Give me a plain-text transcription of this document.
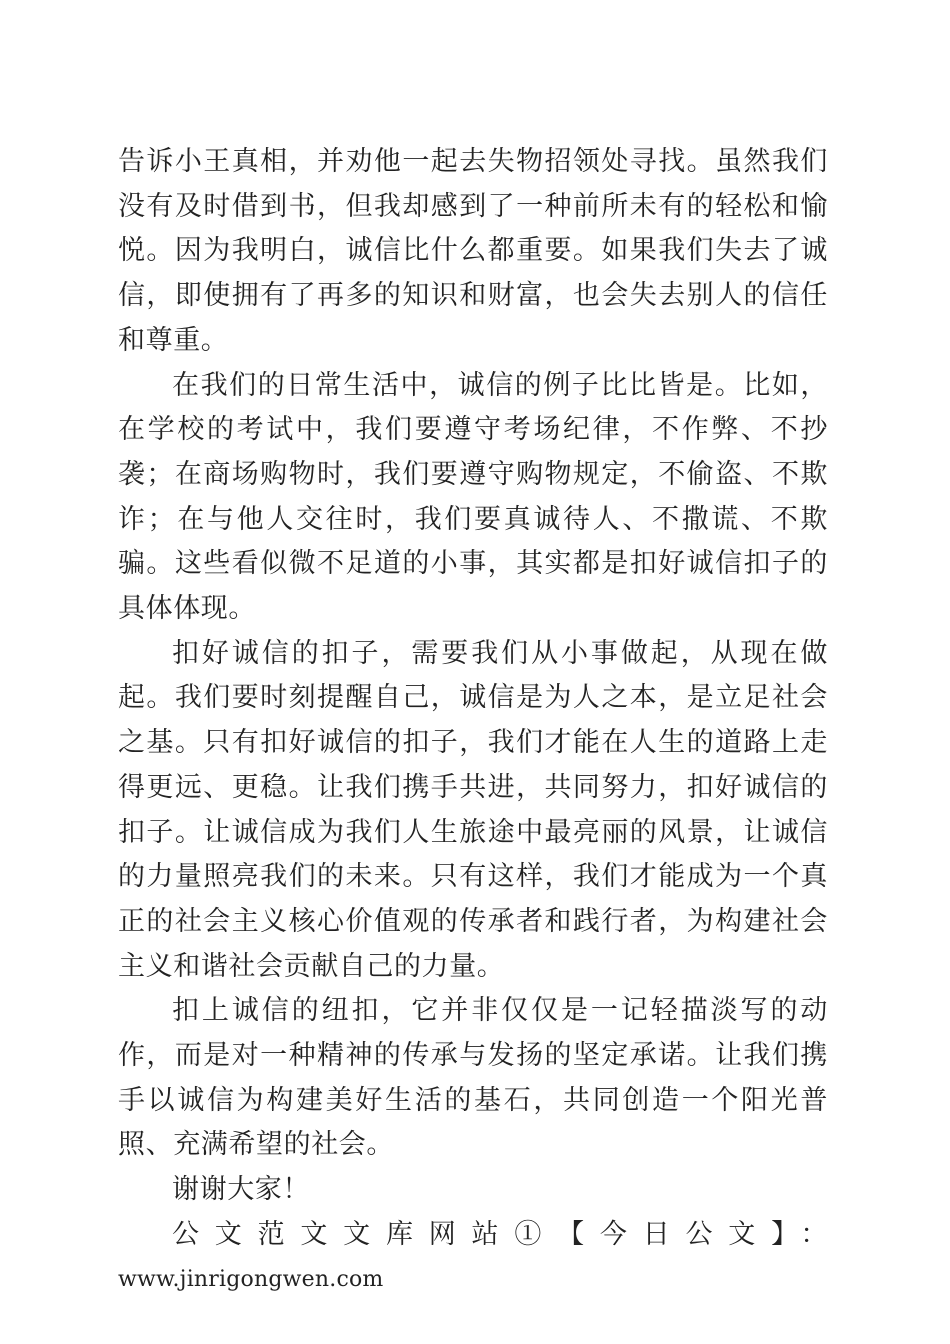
告诉小王真相，并劝他一起去失物招领处寻找。虽然我们没有及时借到书，但我却感到了一种前所未有的轻松和愉悦。因为我明白，诚信比什么都重要。如果我们失去了诚信，即使拥有了再多的知识和财富，也会失去别人的信任和尊重。

在我们的日常生活中，诚信的例子比比皆是。比如，在学校的考试中，我们要遵守考场纪律，不作弊、不抄袭；在商场购物时，我们要遵守购物规定，不偷盗、不欺诈；在与他人交往时，我们要真诚待人、不撒谎、不欺骗。这些看似微不足道的小事，其实都是扣好诚信扣子的具体体现。

扣好诚信的扣子，需要我们从小事做起，从现在做起。我们要时刻提醒自己，诚信是为人之本，是立足社会之基。只有扣好诚信的扣子，我们才能在人生的道路上走得更远、更稳。让我们携手共进，共同努力，扣好诚信的扣子。让诚信成为我们人生旅途中最亮丽的风景，让诚信的力量照亮我们的未来。只有这样，我们才能成为一个真正的社会主义核心价值观的传承者和践行者，为构建社会主义和谐社会贡献自己的力量。

扣上诚信的纽扣，它并非仅仅是一记轻描淡写的动作，而是对一种精神的传承与发扬的坚定承诺。让我们携手以诚信为构建美好生活的基石，共同创造一个阳光普照、充满希望的社会。

谢谢大家！

公文范文文库网站①【今日公文】：

www.jinrigongwen.com
